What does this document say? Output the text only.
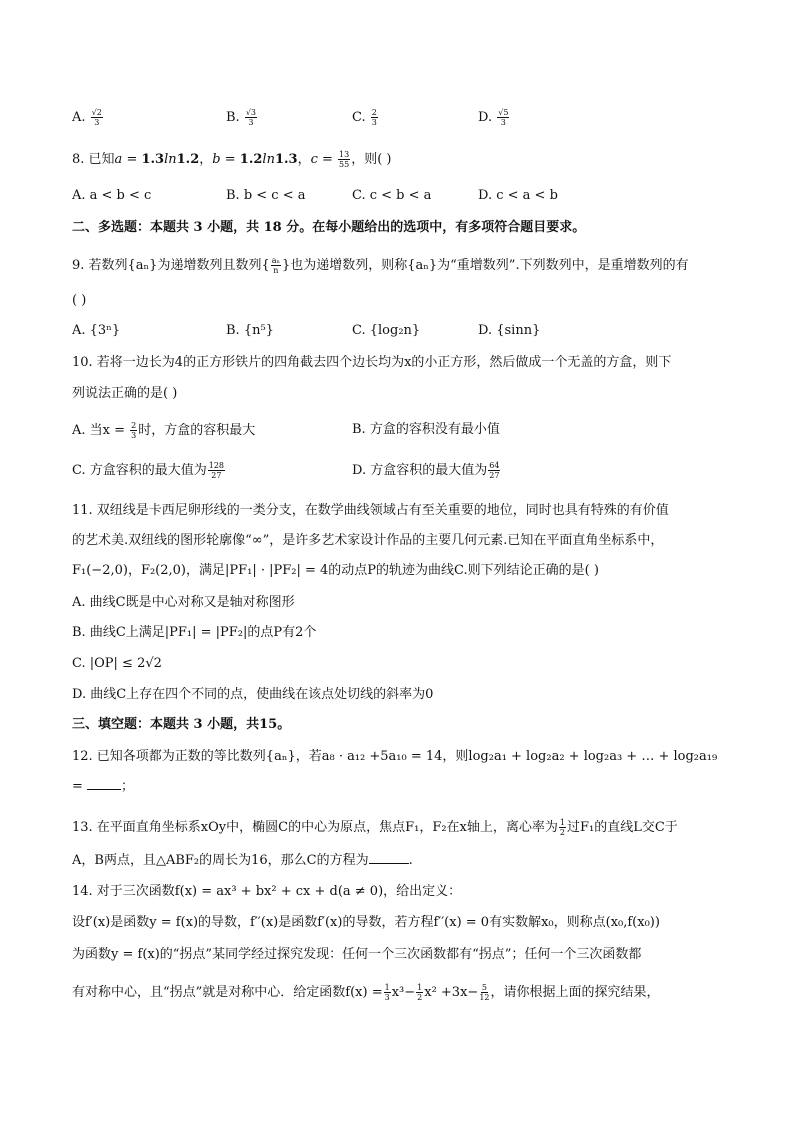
A. $\frac{√2}{3}$	B. $\frac{√3}{3}$	C. $\frac{2}{3}$	D. $\frac{√5}{3}$
8. 已知a = 1.3ln1.2，b = 1.2ln1.3，$c = \frac{13}{55}$ ，则( )
A. a < b < c	B. b < c < a	C. c < b < a	D. c < a < b
二、多选题：本题共 3 小题，共 18 分。在每小题给出的选项中，有多项符合题目要求。
9. 若数列{aₙ}为递增数列且数列{ $\frac{\text{aₙ}}{n}$ }也为递增数列，则称{aₙ}为“重增数列”.下列数列中，是重增数列的有
( )
A. {3ⁿ}	B. {n⁵}	C. {log₂n}	D. {sinn}
10. 若将一边长为4的正方形铁片的四角截去四个边长均为x的小正方形，然后做成一个无盖的方盒，则下
列说法正确的是( )
A. 当$x = \frac{2}{3}$ 时，方盒的容积最大	B. 方盒的容积没有最小值
C. 方盒容积的最大值为 $\frac{128}{27}$	D. 方盒容积的最大值为 $\frac{64}{27}$
11. 双纽线是卡西尼卵形线的一类分支，在数学曲线领域占有至关重要的地位，同时也具有特殊的有价值
的艺术美.双纽线的图形轮廓像“∞”，是许多艺术家设计作品的主要几何元素.已知在平面直角坐标系中，
F₁(−2,0)，F₂(2,0)，满足|PF₁| · |PF₂| = 4的动点P的轨迹为曲线C.则下列结论正确的是( )
A. 曲线C既是中心对称又是轴对称图形
B. 曲线C上满足|PF₁| = |PF₂|的点P有2个
C. |OP| ≤ 2√2
D. 曲线C上存在四个不同的点，使曲线在该点处切线的斜率为0
三、填空题：本题共 3 小题，共15。
12. 已知各项都为正数的等比数列{aₙ}，若a₈ · a₁₂ +5a₁₀ = 14，则log₂a₁ + log₂a₂ + log₂a₃ + … + log₂a₁₉
=	；
13. 在平面直角坐标系xOy中，椭圆C的中心为原点，焦点F₁，F₂在x轴上，离心率为 $\frac{1}{2}$ 过F₁的直线L交C于
A，B两点，且△ABF₂的周长为16，那么C的方程为	.
14. 对于三次函数f(x) = ax³ + bx² + cx + d(a ≠ 0)，给出定义：
设f′(x)是函数y = f(x)的导数，f′′(x)是函数f′(x)的导数，若方程f′′(x) = 0有实数解x₀，则称点(x₀,f(x₀))
为函数y = f(x)的“拐点”某同学经过探究发现：任何一个三次函数都有“拐点”；任何一个三次函数都
有对称中心，且“拐点”就是对称中心．给定函数$f(x) = \frac{1}{3} x^3- \frac{1}{2} x^2 +3x- \frac{5}{12}$ ，请你根据上面的探究结果，
